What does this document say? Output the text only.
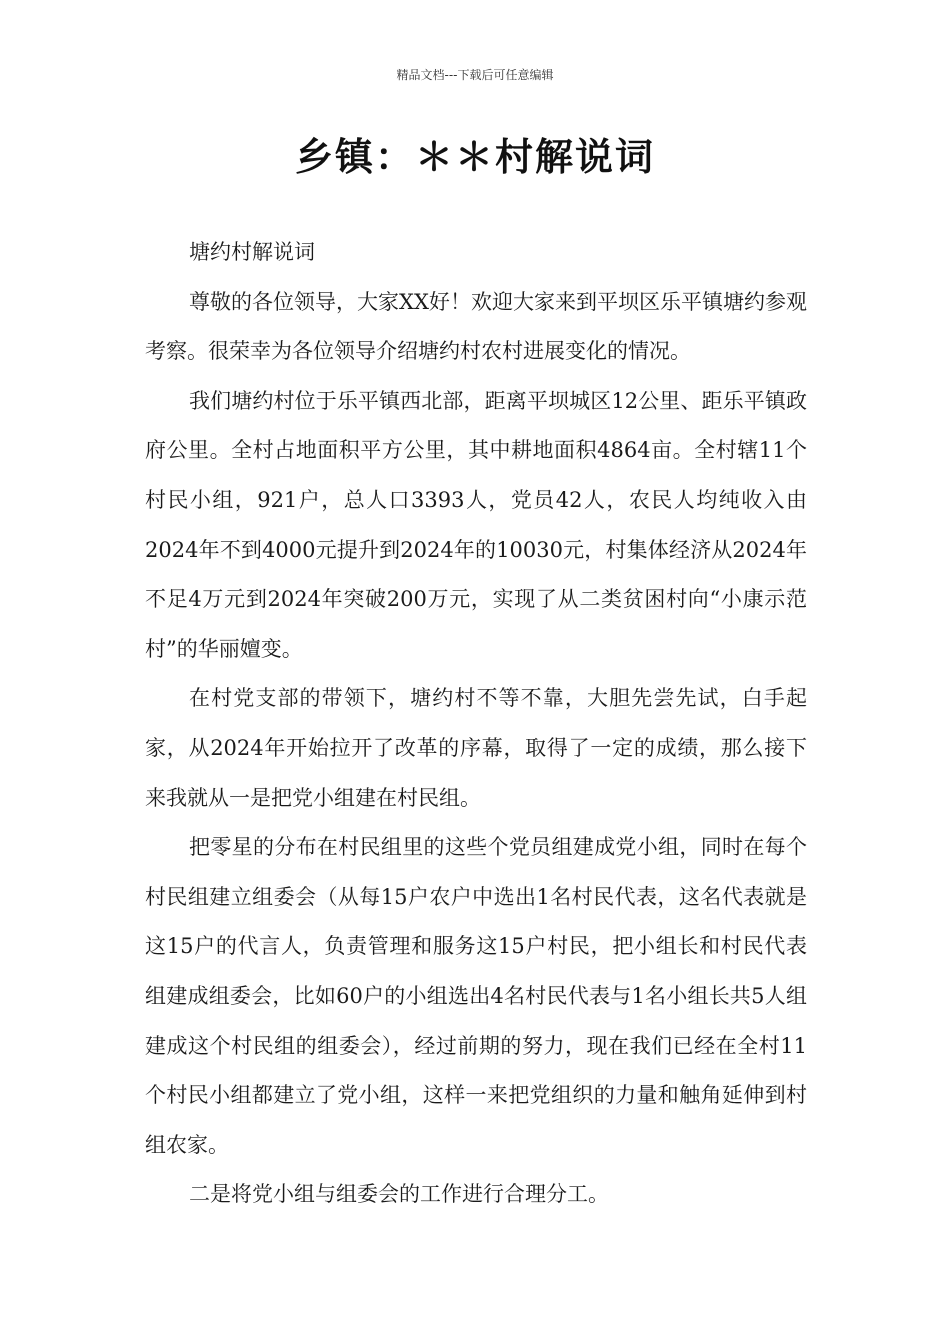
精品文档---下载后可任意编辑
乡镇：＊＊村解说词

塘约村解说词

尊敬的各位领导，大家XX好！欢迎大家来到平坝区乐平镇塘约参观考察。很荣幸为各位领导介绍塘约村农村进展变化的情况。

我们塘约村位于乐平镇西北部，距离平坝城区12公里、距乐平镇政府公里。全村占地面积平方公里，其中耕地面积4864亩。全村辖11个村民小组，921户，总人口3393人，党员42人，农民人均纯收入由2024年不到4000元提升到2024年的10030元，村集体经济从2024年不足4万元到2024年突破200万元，实现了从二类贫困村向“小康示范村”的华丽嬗变。

在村党支部的带领下，塘约村不等不靠，大胆先尝先试，白手起家，从2024年开始拉开了改革的序幕，取得了一定的成绩，那么接下来我就从一是把党小组建在村民组。

把零星的分布在村民组里的这些个党员组建成党小组，同时在每个村民组建立组委会（从每15户农户中选出1名村民代表，这名代表就是这15户的代言人，负责管理和服务这15户村民，把小组长和村民代表组建成组委会，比如60户的小组选出4名村民代表与1名小组长共5人组建成这个村民组的组委会），经过前期的努力，现在我们已经在全村11个村民小组都建立了党小组，这样一来把党组织的力量和触角延伸到村组农家。

二是将党小组与组委会的工作进行合理分工。
